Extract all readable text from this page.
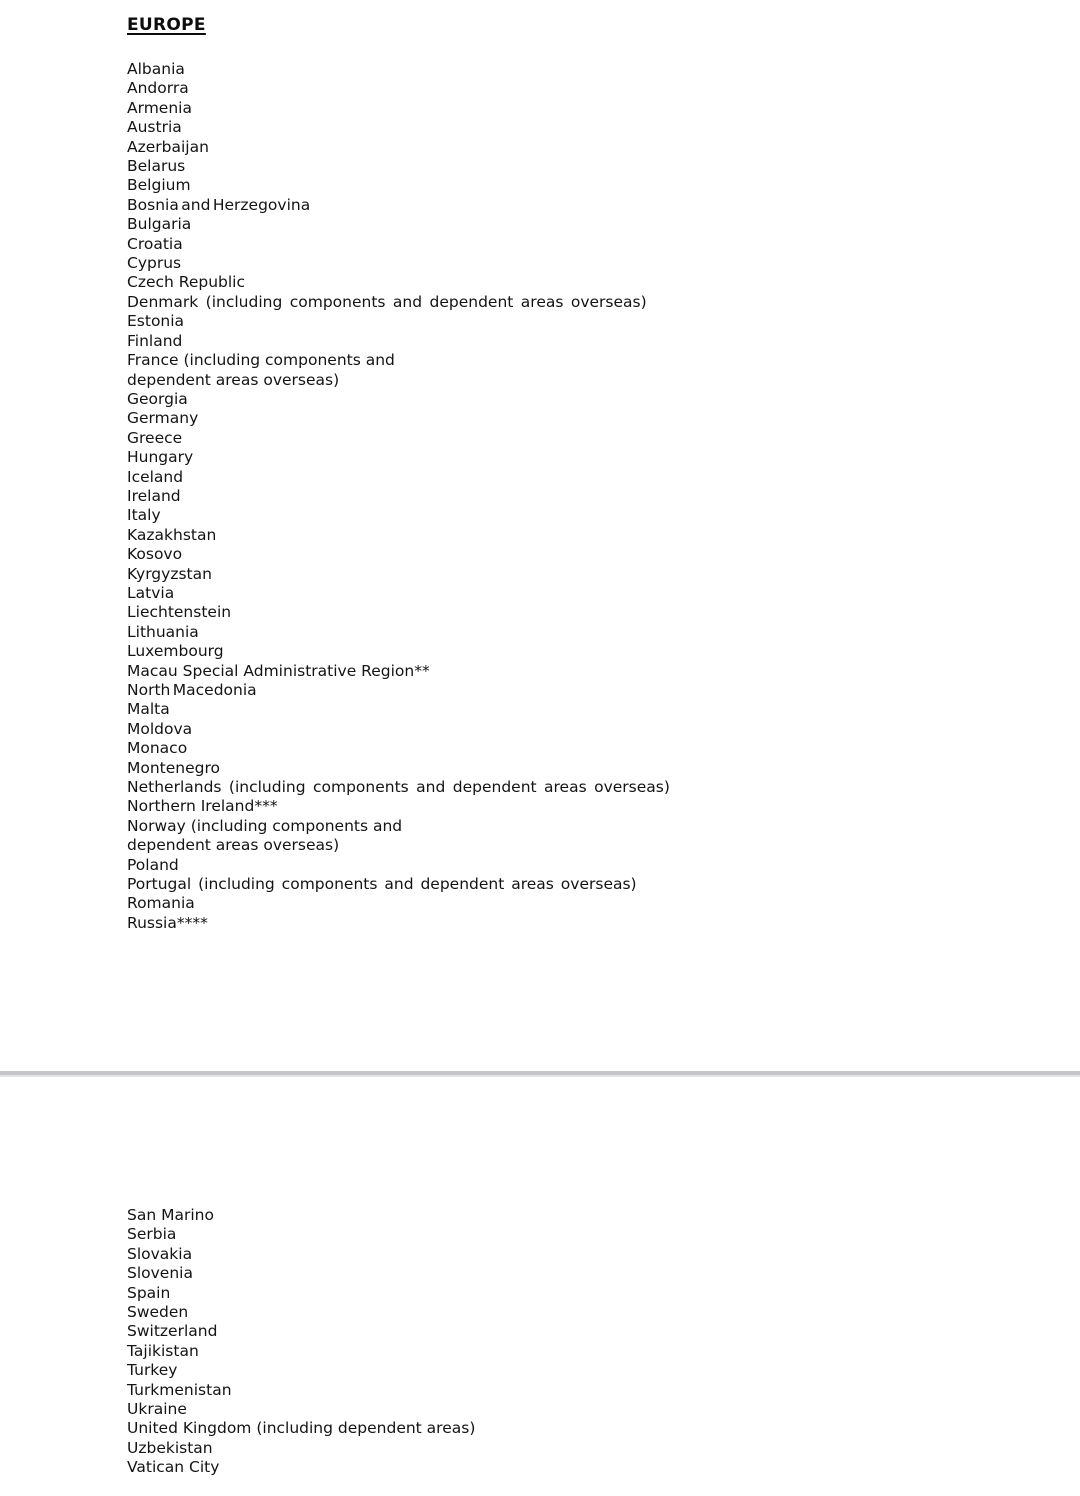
EUROPE
Albania
Andorra
Armenia
Austria
Azerbaijan
Belarus
Belgium
Bosnia and Herzegovina
Bulgaria
Croatia
Cyprus
Czech Republic
Denmark (including components and dependent areas overseas)
Estonia
Finland
France (including components and
dependent areas overseas)
Georgia
Germany
Greece
Hungary
Iceland
Ireland
Italy
Kazakhstan
Kosovo
Kyrgyzstan
Latvia
Liechtenstein
Lithuania
Luxembourg
Macau Special Administrative Region**
North Macedonia
Malta
Moldova
Monaco
Montenegro
Netherlands (including components and dependent areas overseas)
Northern Ireland***
Norway (including components and
dependent areas overseas)
Poland
Portugal (including components and dependent areas overseas)
Romania
Russia****
San Marino
Serbia
Slovakia
Slovenia
Spain
Sweden
Switzerland
Tajikistan
Turkey
Turkmenistan
Ukraine
United Kingdom (including dependent areas)
Uzbekistan
Vatican City
